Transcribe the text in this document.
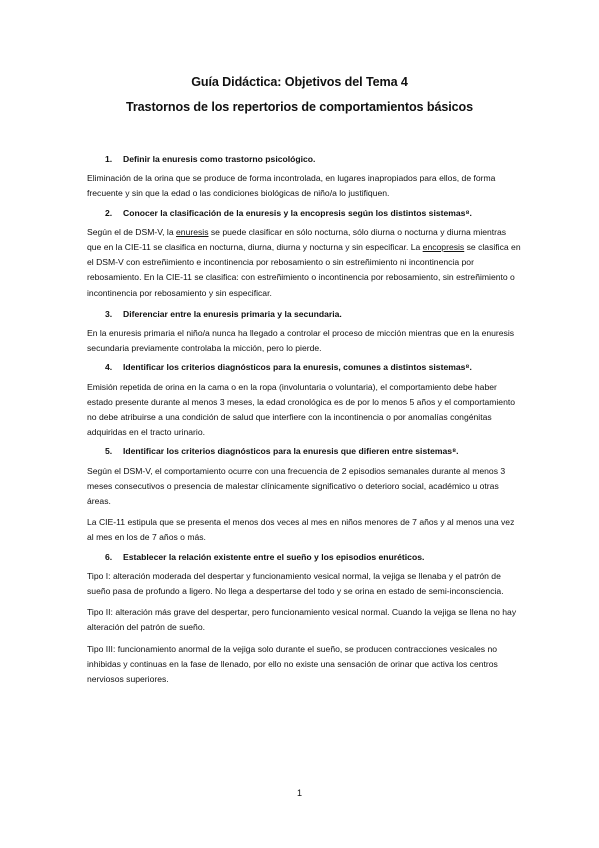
Guía Didáctica: Objetivos del Tema 4
Trastornos de los repertorios de comportamientos básicos
1.	Definir la enuresis como trastorno psicológico.

Eliminación de la orina que se produce de forma incontrolada, en lugares inapropiados para ellos, de forma frecuente y sin que la edad o las condiciones biológicas de niño/a lo justifiquen.

2.	Conocer la clasificación de la enuresis y la encopresis según los distintos sistemas⁸.

Según el de DSM-V, la enuresis se puede clasificar en sólo nocturna, sólo diurna o nocturna y diurna mientras que en la CIE-11 se clasifica en nocturna, diurna, diurna y nocturna y sin especificar. La encopresis se clasifica en el DSM-V con estreñimiento e incontinencia por rebosamiento o sin estreñimiento ni incontinencia por rebosamiento. En la CIE-11 se clasifica: con estreñimiento o incontinencia por rebosamiento, sin estreñimiento o incontinencia por rebosamiento y sin especificar.

3.	Diferenciar entre la enuresis primaria y la secundaria.

En la enuresis primaria el niño/a nunca ha llegado a controlar el proceso de micción mientras que en la enuresis secundaria previamente controlaba la micción, pero lo pierde.

4.	Identificar los criterios diagnósticos para la enuresis, comunes a distintos sistemas⁸.

Emisión repetida de orina en la cama o en la ropa (involuntaria o voluntaria), el comportamiento debe haber estado presente durante al menos 3 meses, la edad cronológica es de por lo menos 5 años y el comportamiento no debe atribuirse a una condición de salud que interfiere con la incontinencia o por anomalías congénitas adquiridas en el tracto urinario.

5.	Identificar los criterios diagnósticos para la enuresis que difieren entre sistemas⁸.

Según el DSM-V, el comportamiento ocurre con una frecuencia de 2 episodios semanales durante al menos 3 meses consecutivos o presencia de malestar clínicamente significativo o deterioro social, académico u otras áreas.

La CIE-11 estipula que se presenta el menos dos veces al mes en niños menores de 7 años y al menos una vez al mes en los de 7 años o más.

6.	Establecer la relación existente entre el sueño y los episodios enuréticos.

Tipo I: alteración moderada del despertar y funcionamiento vesical normal, la vejiga se llenaba y el patrón de sueño pasa de profundo a ligero. No llega a despertarse del todo y se orina en estado de semi-inconsciencia.

Tipo II: alteración más grave del despertar, pero funcionamiento vesical normal. Cuando la vejiga se llena no hay alteración del patrón de sueño.

Tipo III: funcionamiento anormal de la vejiga solo durante el sueño, se producen contracciones vesicales no inhibidas y continuas en la fase de llenado, por ello no existe una sensación de orinar que activa los centros nerviosos superiores.

1
